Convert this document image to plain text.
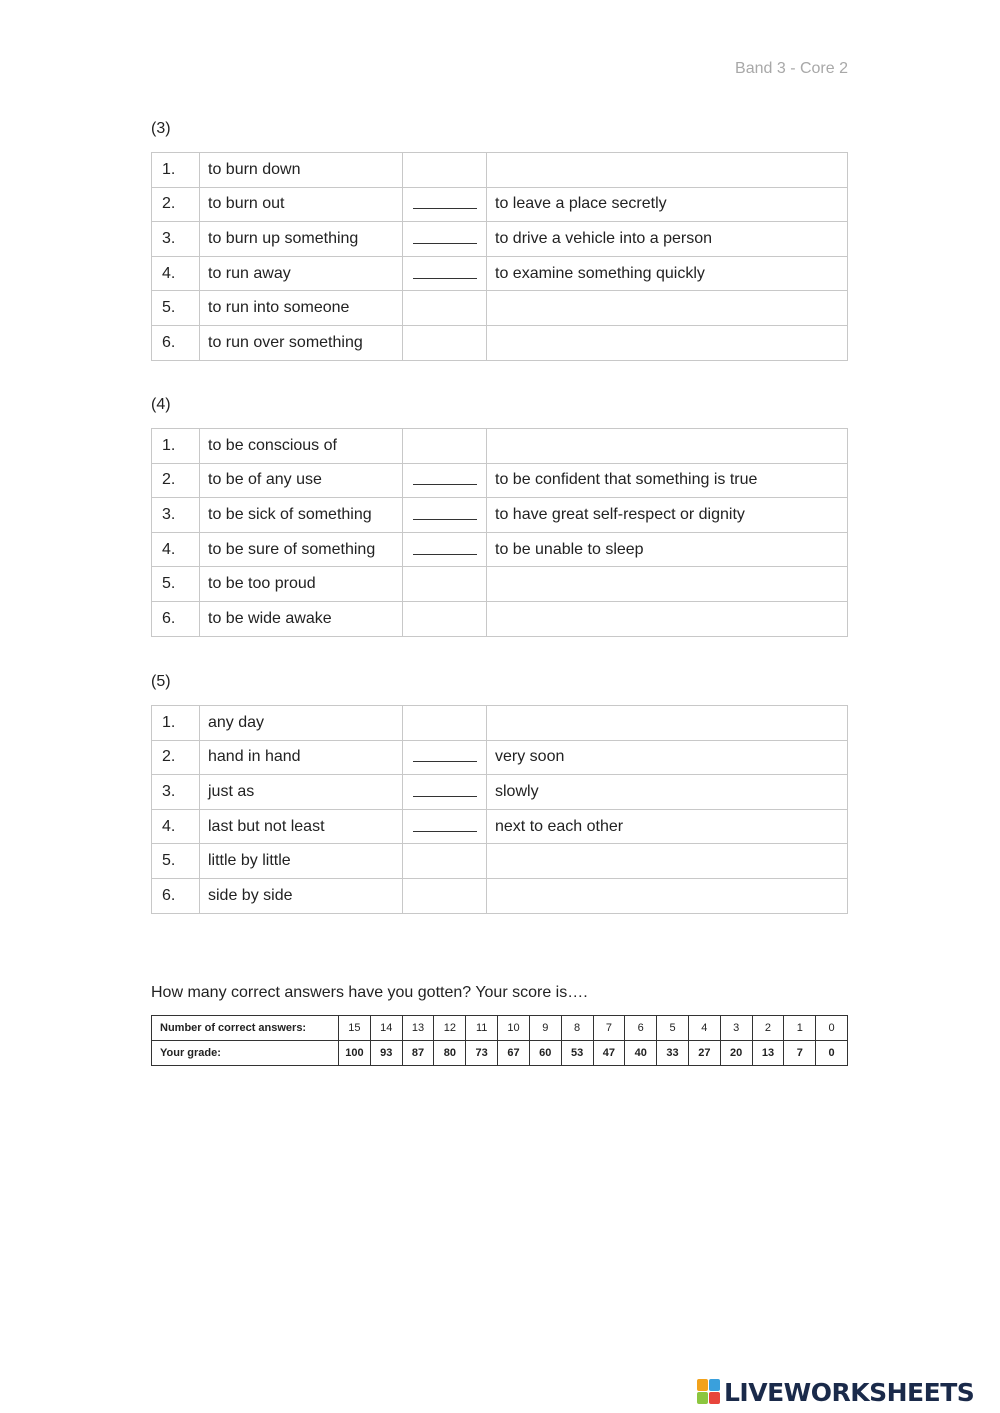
Band 3 - Core 2
(3)
1.	to burn down		
2.	to burn out		to leave a place secretly
3.	to burn up something		to drive a vehicle into a person
4.	to run away		to examine something quickly
5.	to run into someone		
6.	to run over something		
(4)
1.	to be conscious of		
2.	to be of any use		to be confident that something is true
3.	to be sick of something		to have great self-respect or dignity
4.	to be sure of something		to be unable to sleep
5.	to be too proud		
6.	to be wide awake		
(5)
1.	any day		
2.	hand in hand		very soon
3.	just as		slowly
4.	last but not least		next to each other
5.	little by little		
6.	side by side		
How many correct answers have you gotten? Your score is….
Number of correct answers:	15	14	13	12	11	10	9	8	7	6	5	4	3	2	1	0
Your grade:	100	93	87	80	73	67	60	53	47	40	33	27	20	13	7	0
LIVEWORKSHEETS
